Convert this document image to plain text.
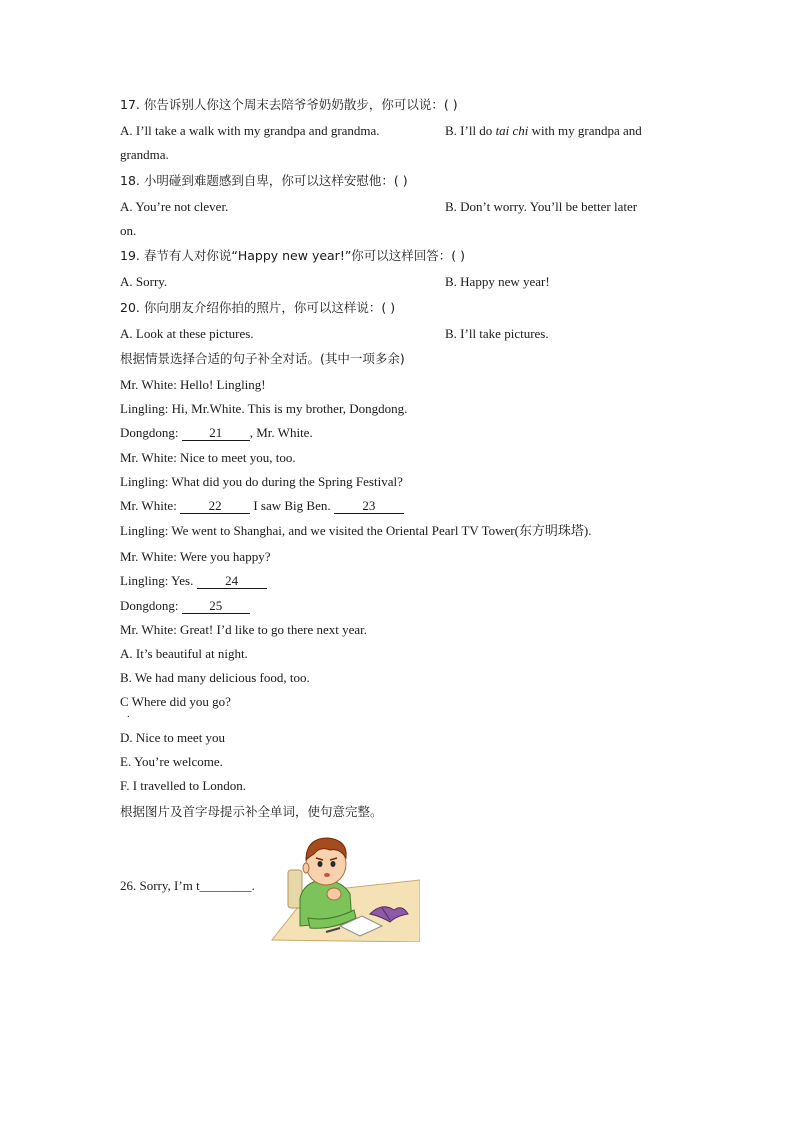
17. 你告诉别人你这个周末去陪爷爷奶奶散步，你可以说：( )
A. I’ll take a walk with my grandpa and grandma.	B. I’ll do tai chi with my grandpa and
grandma.
18. 小明碰到难题感到自卑，你可以这样安慰他：( )
A. You’re not clever.	B. Don’t worry. You’ll be better later
on.
19. 春节有人对你说“Happy new year!”你可以这样回答：( )
A. Sorry.	B. Happy new year!
20. 你向朋友介绍你拍的照片，你可以这样说：( )
A. Look at these pictures.	B. I’ll take pictures.
根据情景选择合适的句子补全对话。(其中一项多余)
Mr. White: Hello! Lingling!
Lingling: Hi, Mr.White. This is my brother, Dongdong.
Dongdong: 21 , Mr. White.
Mr. White: Nice to meet you, too.
Lingling: What did you do during the Spring Festival?
Mr. White: 22 I saw Big Ben. 23
Lingling: We went to Shanghai, and we visited the Oriental Pearl TV Tower(东方明珠塔).
Mr. White: Were you happy?
Lingling: Yes. 24
Dongdong: 25
Mr. White: Great! I’d like to go there next year.
A. It’s beautiful at night.
B. We had many delicious food, too.
C Where did you go?
.
D. Nice to meet you
E. You’re welcome.
F. I travelled to London.
根据图片及首字母提示补全单词，使句意完整。
26. Sorry, I’m t________.
